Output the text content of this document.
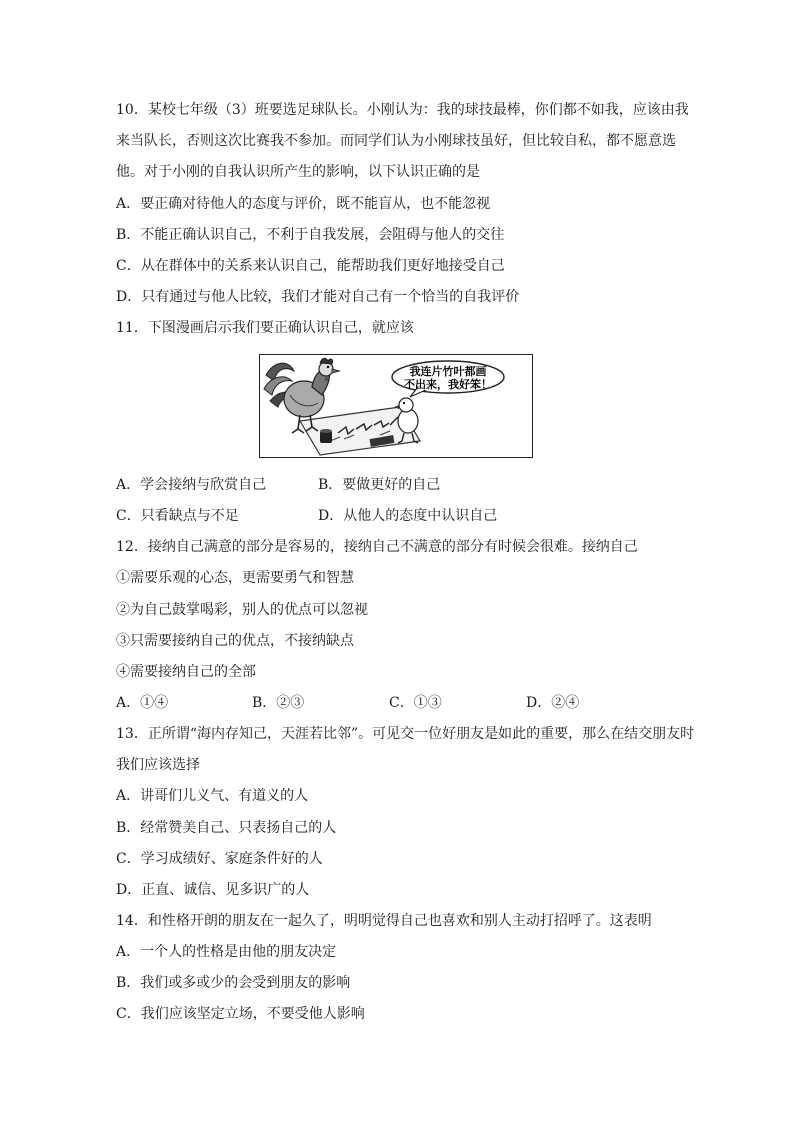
10．某校七年级（3）班要选足球队长。小刚认为：我的球技最棒，你们都不如我，应该由我
来当队长，否则这次比赛我不参加。而同学们认为小刚球技虽好，但比较自私，都不愿意选
他。对于小刚的自我认识所产生的影响，以下认识正确的是
A．要正确对待他人的态度与评价，既不能盲从，也不能忽视
B．不能正确认识自己，不利于自我发展，会阻碍与他人的交往
C．从在群体中的关系来认识自己，能帮助我们更好地接受自己
D．只有通过与他人比较，我们才能对自己有一个恰当的自我评价
11．下图漫画启示我们要正确认识自己，就应该
我连片竹叶都画
不出来，我好笨！
A．学会接纳与欣赏自己	B．要做更好的自己
C．只看缺点与不足	D．从他人的态度中认识自己
12．接纳自己满意的部分是容易的，接纳自己不满意的部分有时候会很难。接纳自己
①需要乐观的心态，更需要勇气和智慧
②为自己鼓掌喝彩，别人的优点可以忽视
③只需要接纳自己的优点，不接纳缺点
④需要接纳自己的全部
A．①④	B．②③	C．①③	D．②④
13．正所谓“海内存知己，天涯若比邻”。可见交一位好朋友是如此的重要，那么在结交朋友时
我们应该选择
A．讲哥们儿义气、有道义的人
B．经常赞美自己、只表扬自己的人
C．学习成绩好、家庭条件好的人
D．正直、诚信、见多识广的人
14．和性格开朗的朋友在一起久了，明明觉得自己也喜欢和别人主动打招呼了。这表明
A．一个人的性格是由他的朋友决定
B．我们或多或少的会受到朋友的影响
C．我们应该坚定立场，不要受他人影响
